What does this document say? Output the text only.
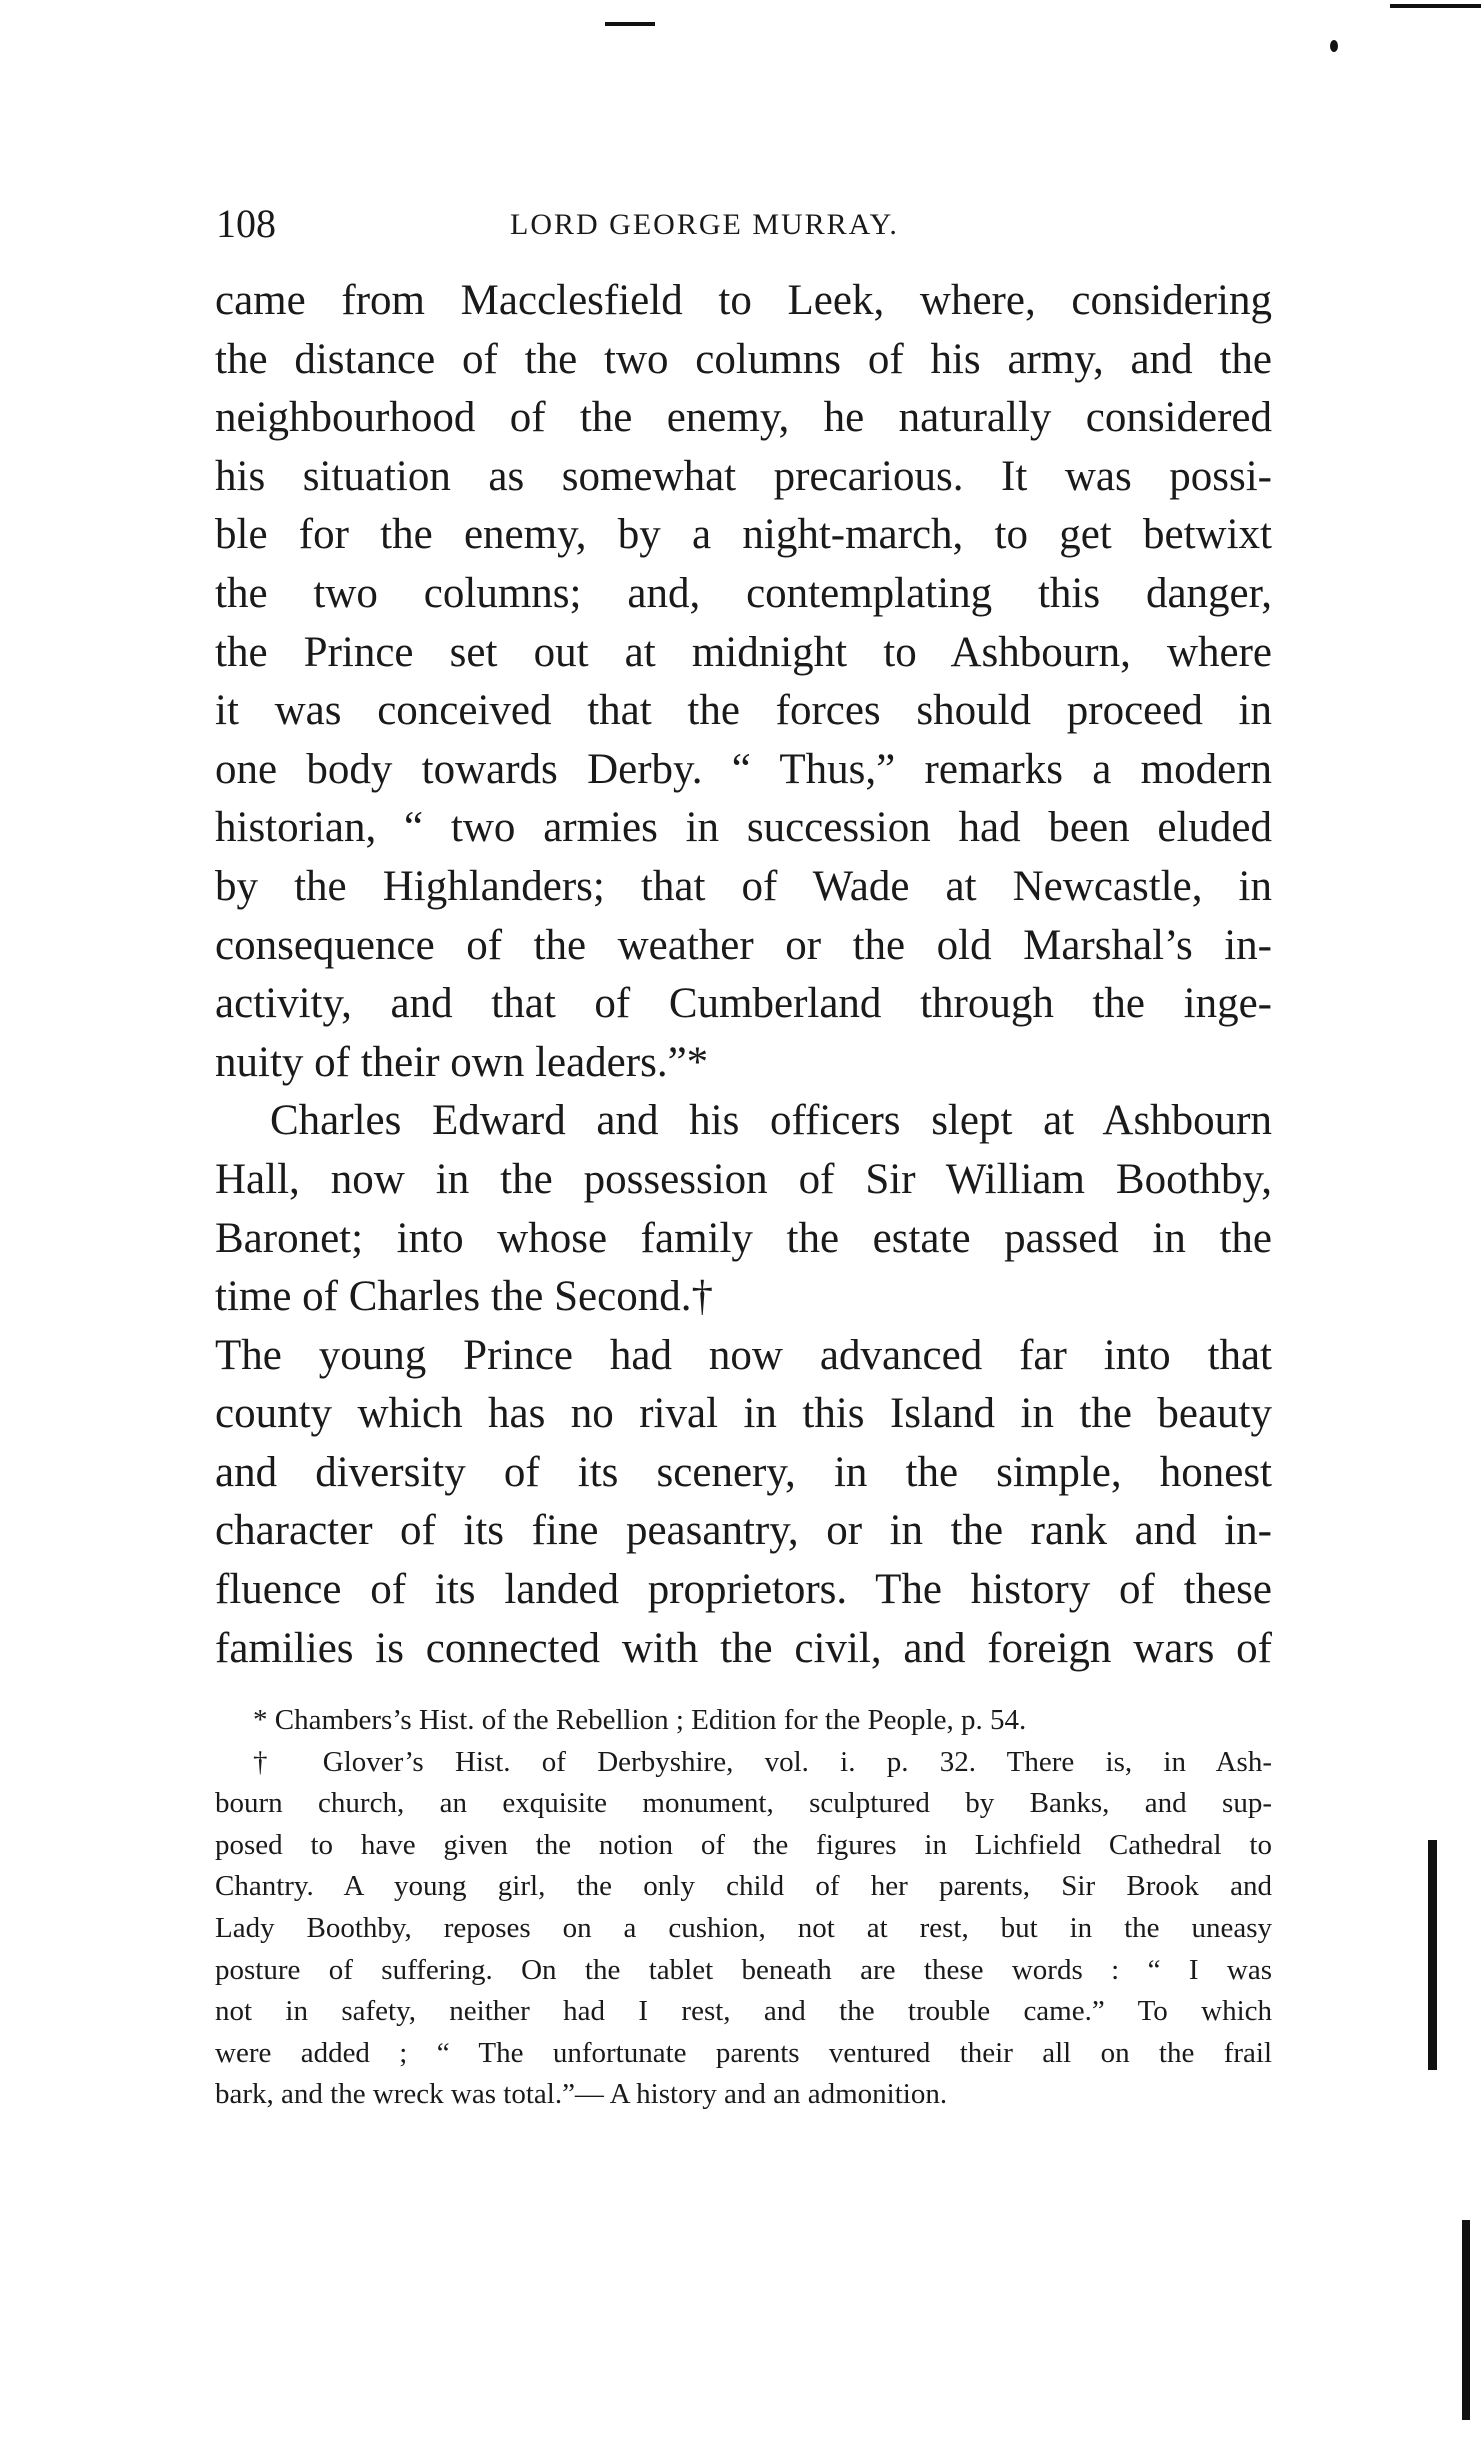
108	LORD GEORGE MURRAY.
came from Macclesfield to Leek, where, considering
the distance of the two columns of his army, and the
neighbourhood of the enemy, he naturally considered
his situation as somewhat precarious. It was possi-
ble for the enemy, by a night-march, to get betwixt
the two columns; and, contemplating this danger,
the Prince set out at midnight to Ashbourn, where
it was conceived that the forces should proceed in
one body towards Derby. “ Thus,” remarks a modern
historian, “ two armies in succession had been eluded
by the Highlanders; that of Wade at Newcastle, in
consequence of the weather or the old Marshal’s in-
activity, and that of Cumberland through the inge-
nuity of their own leaders.”*
Charles Edward and his officers slept at Ashbourn
Hall, now in the possession of Sir William Boothby,
Baronet; into whose family the estate passed in the
time of Charles the Second.†
The young Prince had now advanced far into that
county which has no rival in this Island in the beauty
and diversity of its scenery, in the simple, honest
character of its fine peasantry, or in the rank and in-
fluence of its landed proprietors. The history of these
families is connected with the civil, and foreign wars of
* Chambers’s Hist. of the Rebellion ; Edition for the People, p. 54.
† Glover’s Hist. of Derbyshire, vol. i. p. 32. There is, in Ash-
bourn church, an exquisite monument, sculptured by Banks, and sup-
posed to have given the notion of the figures in Lichfield Cathedral to
Chantry. A young girl, the only child of her parents, Sir Brook and
Lady Boothby, reposes on a cushion, not at rest, but in the uneasy
posture of suffering. On the tablet beneath are these words : “ I was
not in safety, neither had I rest, and the trouble came.” To which
were added ; “ The unfortunate parents ventured their all on the frail
bark, and the wreck was total.”— A history and an admonition.
